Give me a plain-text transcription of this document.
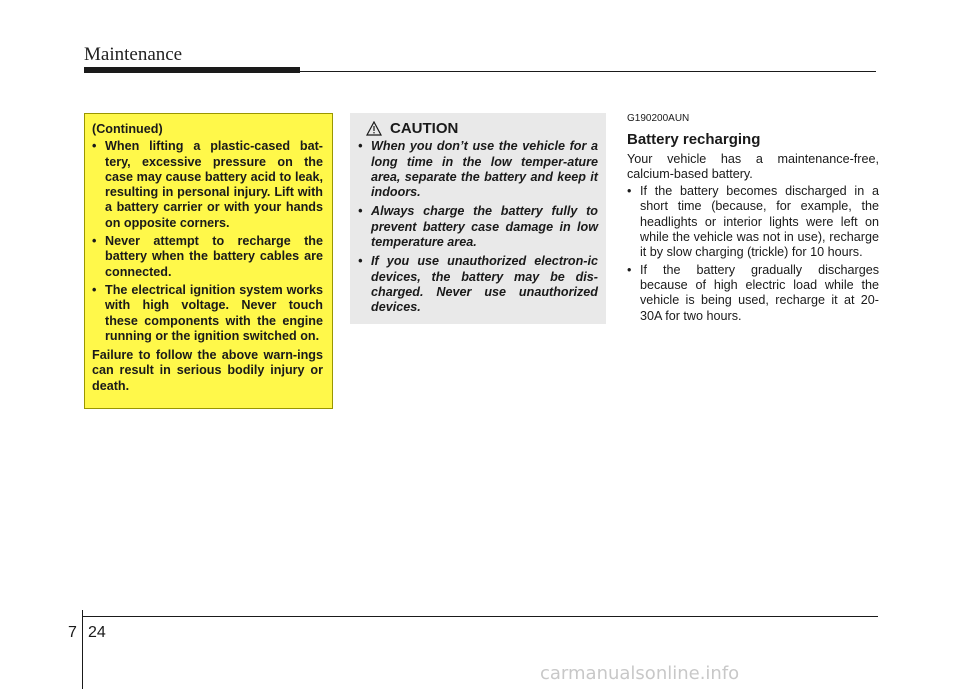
Maintenance
(Continued)
• When lifting a plastic-cased bat-tery, excessive pressure on the case may cause battery acid to leak, resulting in personal injury. Lift with a battery carrier or with your hands on opposite corners.
• Never attempt to recharge the battery when the battery cables are connected.
• The electrical ignition system works with high voltage. Never touch these components with the engine running or the ignition switched on.
Failure to follow the above warn-ings can result in serious bodily injury or death.
CAUTION
• When you don’t use the vehicle for a long time in the low temper-ature area, separate the battery and keep it indoors.
• Always charge the battery fully to prevent battery case damage in low temperature area.
• If you use unauthorized electron-ic devices, the battery may be dis-charged. Never use unauthorized devices.
G190200AUN
Battery recharging

Your vehicle has a maintenance-free, calcium-based battery.

• If the battery becomes discharged in a short time (because, for example, the headlights or interior lights were left on while the vehicle was not in use), recharge it by slow charging (trickle) for 10 hours.
• If the battery gradually discharges because of high electric load while the vehicle is being used, recharge it at 20-30A for two hours.
7 24
carmanualsonline.info
